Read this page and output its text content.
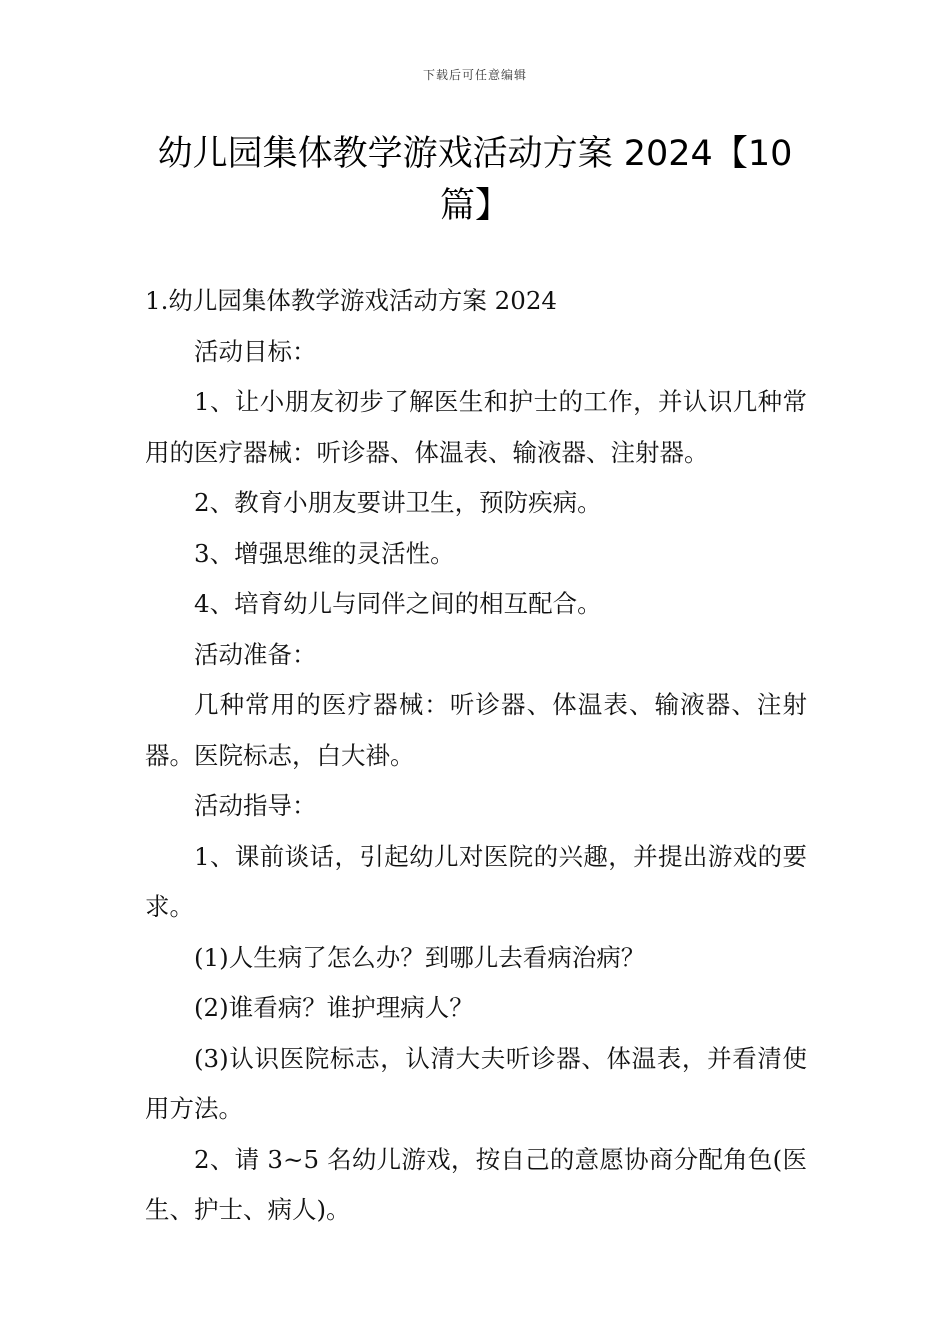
下载后可任意编辑
幼儿园集体教学游戏活动方案 2024【10 篇】

1.幼儿园集体教学游戏活动方案 2024

活动目标：

1、让小朋友初步了解医生和护士的工作，并认识几种常用的医疗器械：听诊器、体温表、输液器、注射器。

2、教育小朋友要讲卫生，预防疾病。

3、增强思维的灵活性。

4、培育幼儿与同伴之间的相互配合。

活动准备：

几种常用的医疗器械：听诊器、体温表、输液器、注射器。医院标志，白大褂。

活动指导：

1、课前谈话，引起幼儿对医院的兴趣，并提出游戏的要求。

(1)人生病了怎么办？到哪儿去看病治病？

(2)谁看病？谁护理病人？

(3)认识医院标志，认清大夫听诊器、体温表，并看清使用方法。

2、请 3~5 名幼儿游戏，按自己的意愿协商分配角色(医生、护士、病人)。
